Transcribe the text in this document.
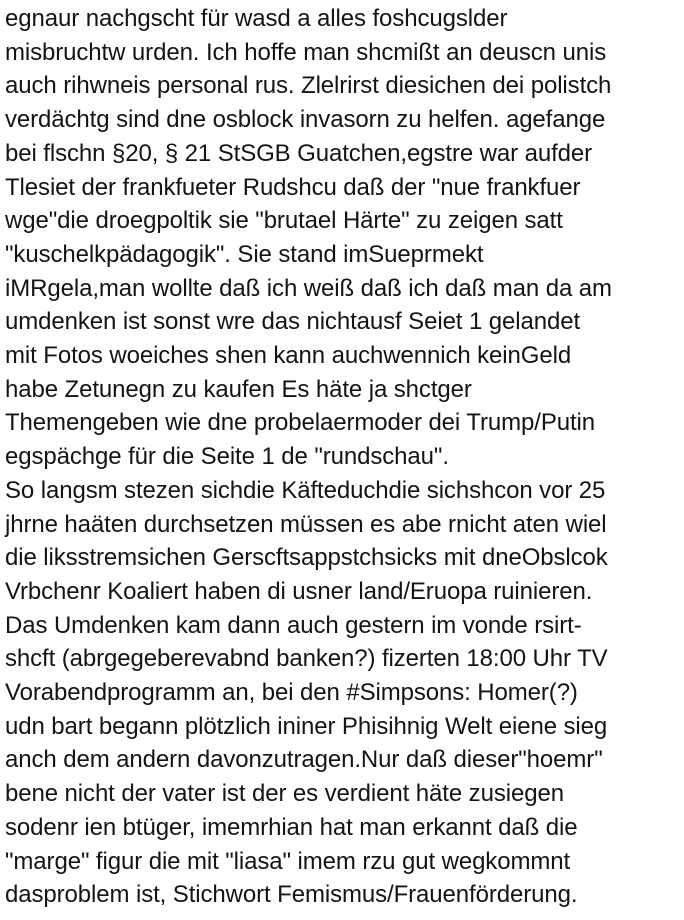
egnaur nachgscht für wasd a alles foshcugslder
misbruchtw urden. Ich hoffe man shcmißt an deuscn unis
auch rihwneis personal rus. Zlelrirst diesichen dei polistch
verdächtg sind dne osblock invasorn zu helfen. agefange
bei flschn §20, § 21 StSGB Guatchen,egstre war aufder
Tlesiet der frankfueter Rudshcu daß der "nue frankfuer
wge"die droegpoltik sie "brutael Härte" zu zeigen satt
"kuschelkpädagogik". Sie stand imSueprmekt
iMRgela,man wollte daß ich weiß daß ich daß man da am
umdenken ist sonst wre das nichtausf Seiet 1 gelandet
mit Fotos woeiches shen kann auchwennich keinGeld
habe Zetunegn zu kaufen Es häte ja shctger
Themengeben wie dne probelaermoder dei Trump/Putin
egspächge für die Seite 1 de "rundschau".
So langsm stezen sichdie Käfteduchdie sichshcon vor 25
jhrne haäten durchsetzen müssen es abe rnicht aten wiel
die liksstremsichen Gerscftsappstchsicks mit dneObslcok
Vrbchenr Koaliert haben di usner land/Eruopa ruinieren.
Das Umdenken kam dann auch gestern im vonde rsirt-
shcft (abrgegeberevabnd banken?) fizerten 18:00 Uhr TV
Vorabendprogramm an, bei den #Simpsons: Homer(?)
udn bart begann plötzlich ininer Phisihnig Welt eiene sieg
anch dem andern davonzutragen.Nur daß dieser"hoemr"
bene nicht der vater ist der es verdient häte zusiegen
sodenr ien btüger, imemrhian hat man erkannt daß die
"marge" figur die mit "liasa" imem rzu gut wegkommnt
dasproblem ist, Stichwort Femismus/Frauenförderung.
